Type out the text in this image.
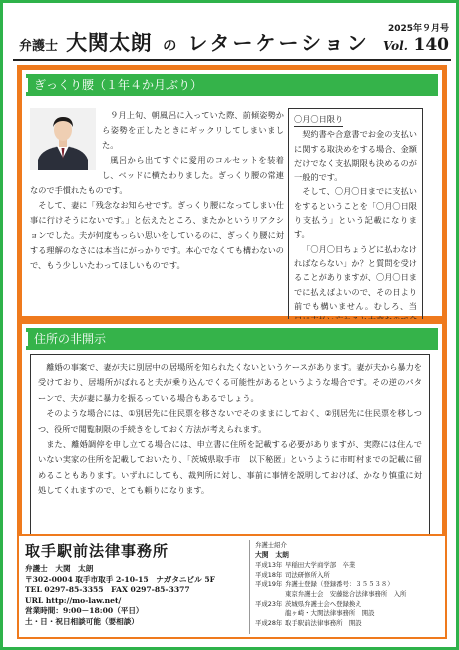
弁護士 大関太朗 の レターケーション
2025年９月号
Vol. 140
ぎっくり腰（１年４か月ぶり）

９月上旬、朝風呂に入っていた際、前傾姿勢から姿勢を正したときにギックリしてしまいました。

風呂から出てすぐに愛用のコルセットを装着し、ベッドに横たわりました。ぎっくり腰の常連なので手慣れたものです。

そして、妻に「残念なお知らせです。ぎっくり腰になってしまい仕事に行けそうにないです。」と伝えたところ、またかというリアクションでした。夫が何度もっらい思いをしているのに、ぎっくり腰に対する理解のなさには本当にがっかりです。本心でなくても構わないので、もう少しいたわってほしいものです。

〇月〇日限り

契約書や合意書でお金の支払いに関する取決めをする場合、金額だけでなく支払期限も決めるのが一般的です。

そして、〇月〇日までに支払いをするということを「〇月〇日限り支払う」という記載になります。

「〇月〇日ちょうどに払わなければならない」か？と質問を受けることがありますが、〇月〇日までに払えばよいので、その日より前でも構いません。むしろ、当

住所の非開示

離婚の事案で、妻が夫に別居中の居場所を知られたくないというケースがあります。妻が夫から暴力を受けており、居場所がばれると夫が乗り込んでくる可能性があるというような場合です。その逆のパターンで、夫が妻に暴力を振るっている場合もあるでしょう。

そのような場合には、①別居先に住民票を移さないでそのままにしておく、②別居先に住民票を移しつつ、役所で閲覧制限の手続きをしておく方法が考えられます。

また、離婚調停を申し立てる場合には、申立書に住所を記載する必要がありますが、実際には住んでいない実家の住所を記載しておいたり、「茨城県取手市　以下秘匿」というように市町村までの記載に留めることもあります。いずれにしても、裁判所に対し、事前に事情を説明しておけば、かなり慎重に対処してくれますので、とても頼りになります。

取手駅前法律事務所
弁護士　大関　太朗
〒302-0004 取手市取手 2-10-15　ナガタニビル 5F
TEL 0297-85-3355　FAX 0297-85-3377
URL http://mo-law.net/
営業時間：9:00－18:00（平日）
土・日・祝日相談可能（要相談）
弁護士紹介
大関　太朗
平成13年 早稲田大学商学部　卒業
平成18年 司法研修所入所
平成19年 弁護士登録（登録番号：３５５３８）
東京弁護士会　安藤総合法律事務所　入所
平成23年 茨城県弁護士会へ登録換え
龍ヶ崎・大関法律事務所　開設
平成28年 取手駅前法律事務所　開設
